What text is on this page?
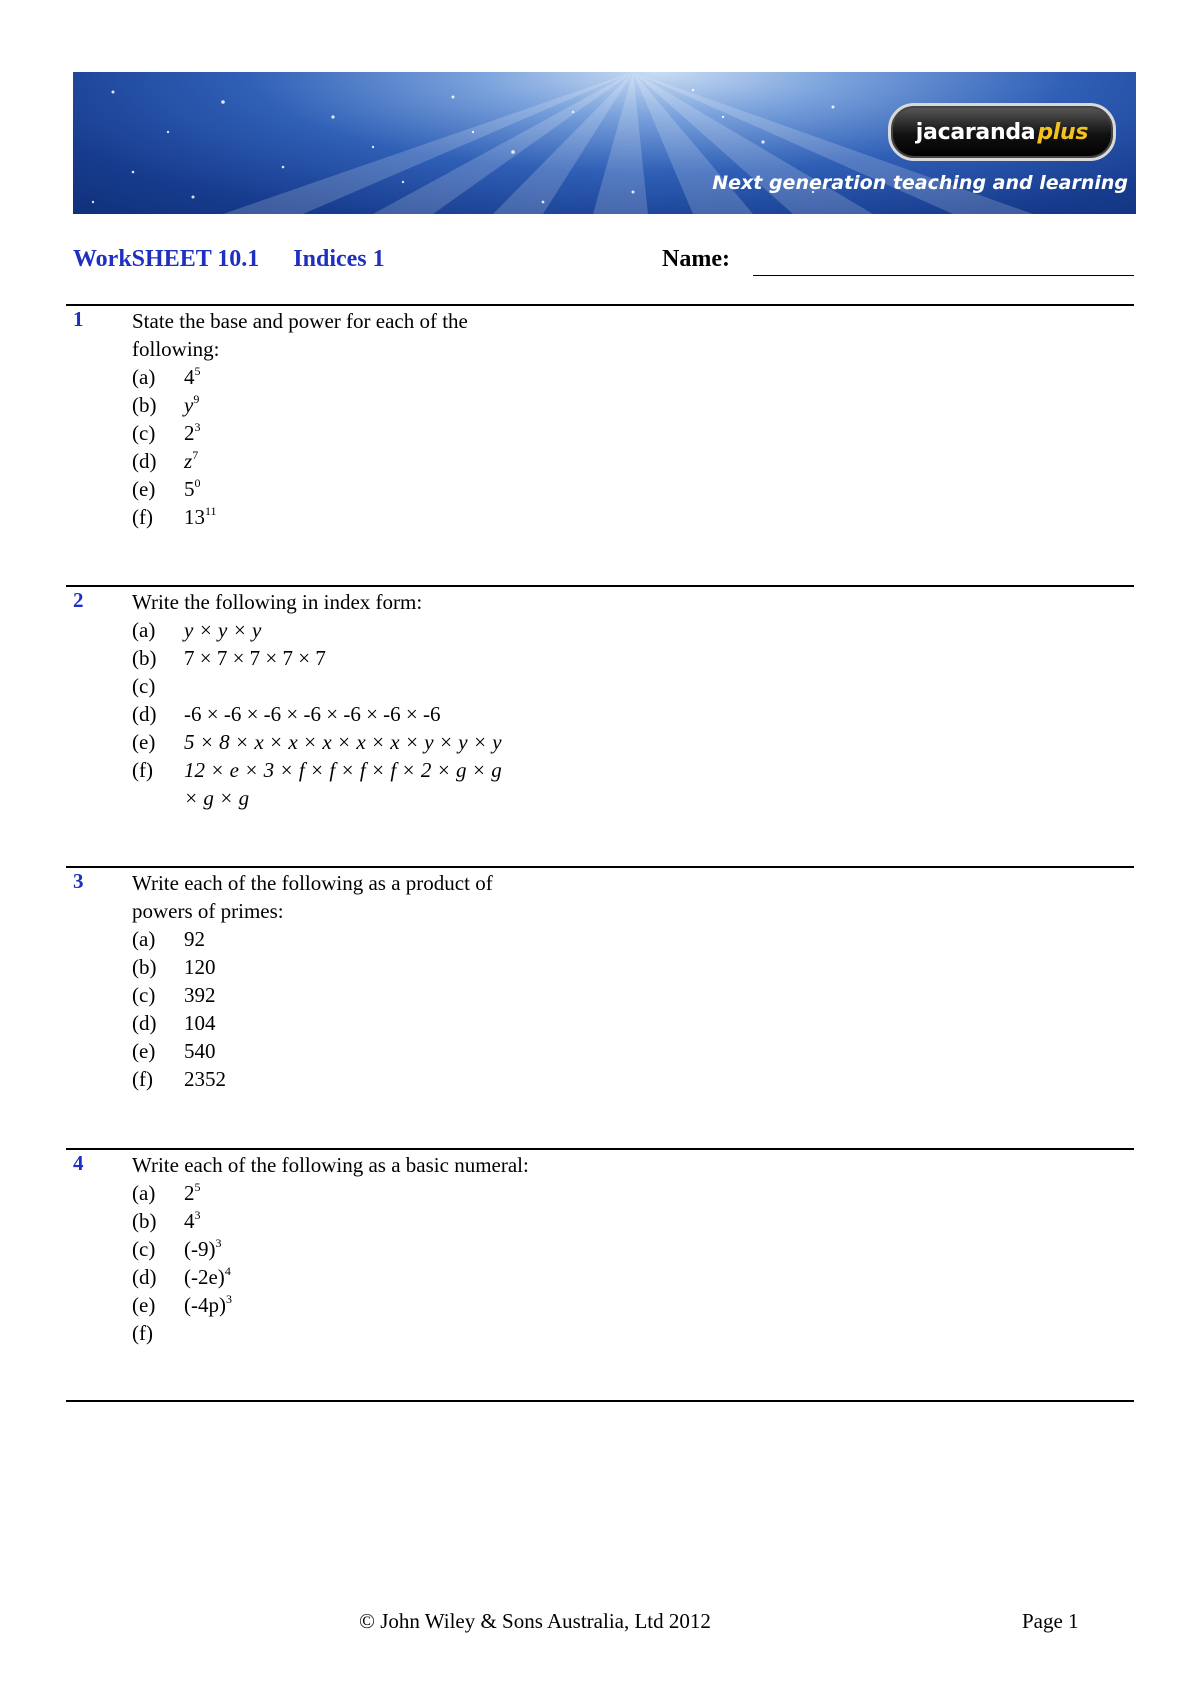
jacaranda plus
Next generation teaching and learning
WorkSHEET 10.1 Indices 1	Name:
1 State the base and power for each of the
following:
(a)	$4^5$
(b)	$y^9$
(c)	$2^3$
(d)	$z^7$
(e)	$5^0$
(f)	$13^{11}$
2 Write the following in index form:
(a)	y × y × y
(b)	7 × 7 × 7 × 7 × 7
(c)
(d)	-6 × -6 × -6 × -6 × -6 × -6 × -6
(e)	5 × 8 × x × x × x × x × x × y × y × y
(f)	12 × e × 3 × f × f × f × f × 2 × g × g
× g × g
3 Write each of the following as a product of
powers of primes:
(a)	92
(b)	120
(c)	392
(d)	104
(e)	540
(f)	2352
4 Write each of the following as a basic numeral:
(a)	$2^5$
(b)	$4^3$
(c)	$(-9)^3$
(d)	$(-2e)^4$
(e)	$(-4p)^3$
(f)
© John Wiley & Sons Australia, Ltd 2012	Page 1
